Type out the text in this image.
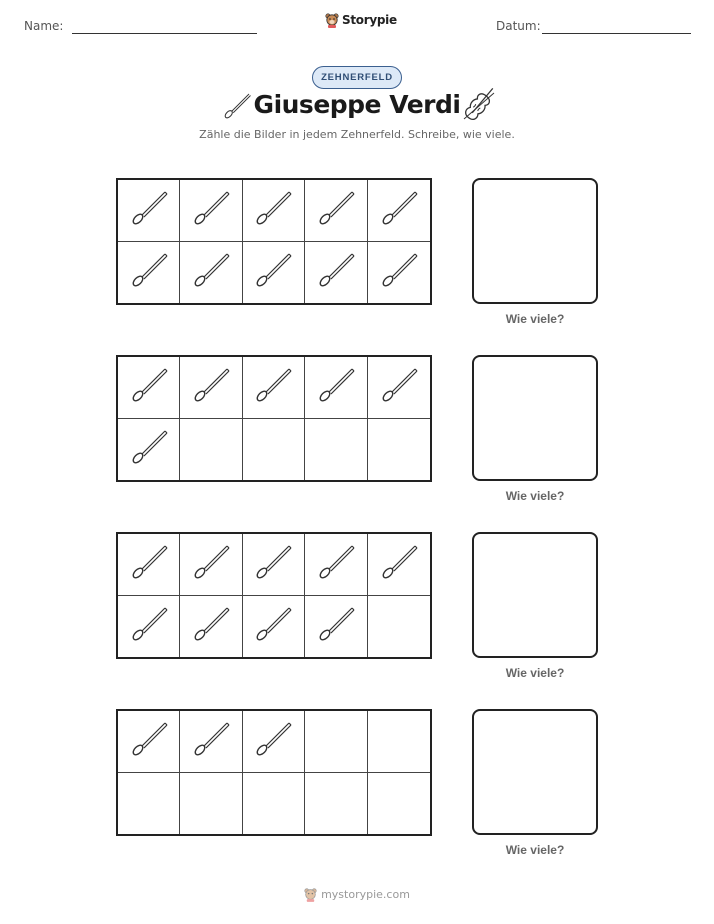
Name:	Storypie	Datum:
ZEHNERFELD
Giuseppe Verdi
Zähle die Bilder in jedem Zehnerfeld. Schreibe, wie viele.
Wie viele?
Wie viele?
Wie viele?
Wie viele?
mystorypie.com
